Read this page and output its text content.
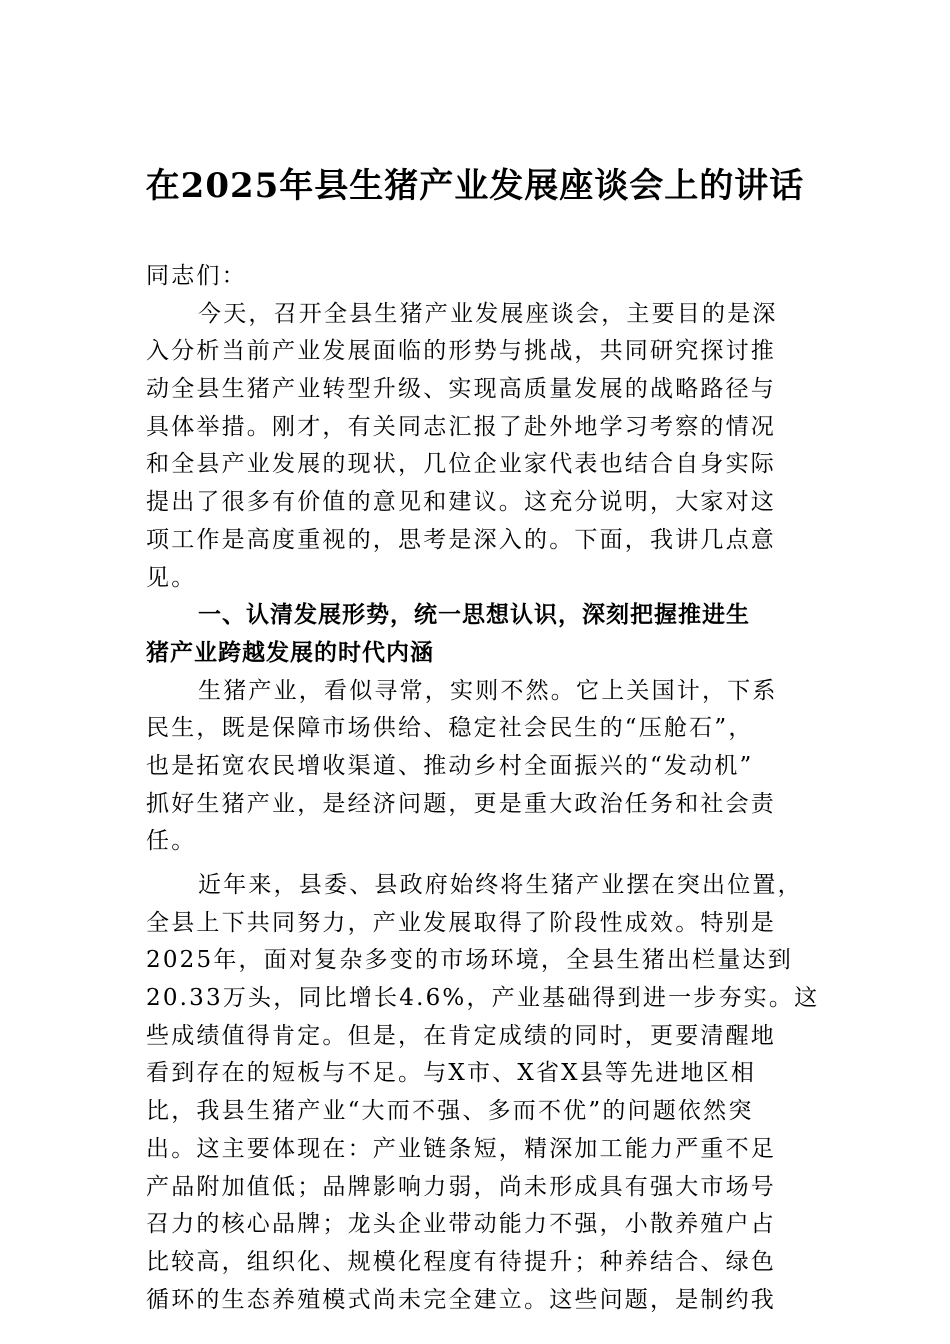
在2025年县生猪产业发展座谈会上的讲话
同志们：
今天，召开全县生猪产业发展座谈会，主要目的是深
入分析当前产业发展面临的形势与挑战，共同研究探讨推
动全县生猪产业转型升级、实现高质量发展的战略路径与
具体举措。刚才，有关同志汇报了赴外地学习考察的情况
和全县产业发展的现状，几位企业家代表也结合自身实际
提出了很多有价值的意见和建议。这充分说明，大家对这
项工作是高度重视的，思考是深入的。下面，我讲几点意
见。
一、认清发展形势，统一思想认识，深刻把握推进生
猪产业跨越发展的时代内涵
生猪产业，看似寻常，实则不然。它上关国计，下系
民生，既是保障市场供给、稳定社会民生的“压舱石”，
也是拓宽农民增收渠道、推动乡村全面振兴的“发动机”
抓好生猪产业，是经济问题，更是重大政治任务和社会责
任。
近年来，县委、县政府始终将生猪产业摆在突出位置，
全县上下共同努力，产业发展取得了阶段性成效。特别是
2025年，面对复杂多变的市场环境，全县生猪出栏量达到
20.33万头，同比增长4.6%，产业基础得到进一步夯实。这
些成绩值得肯定。但是，在肯定成绩的同时，更要清醒地
看到存在的短板与不足。与X市、X省X县等先进地区相
比，我县生猪产业“大而不强、多而不优”的问题依然突
出。这主要体现在：产业链条短，精深加工能力严重不足
产品附加值低；品牌影响力弱，尚未形成具有强大市场号
召力的核心品牌；龙头企业带动能力不强，小散养殖户占
比较高，组织化、规模化程度有待提升；种养结合、绿色
循环的生态养殖模式尚未完全建立。这些问题，是制约我
